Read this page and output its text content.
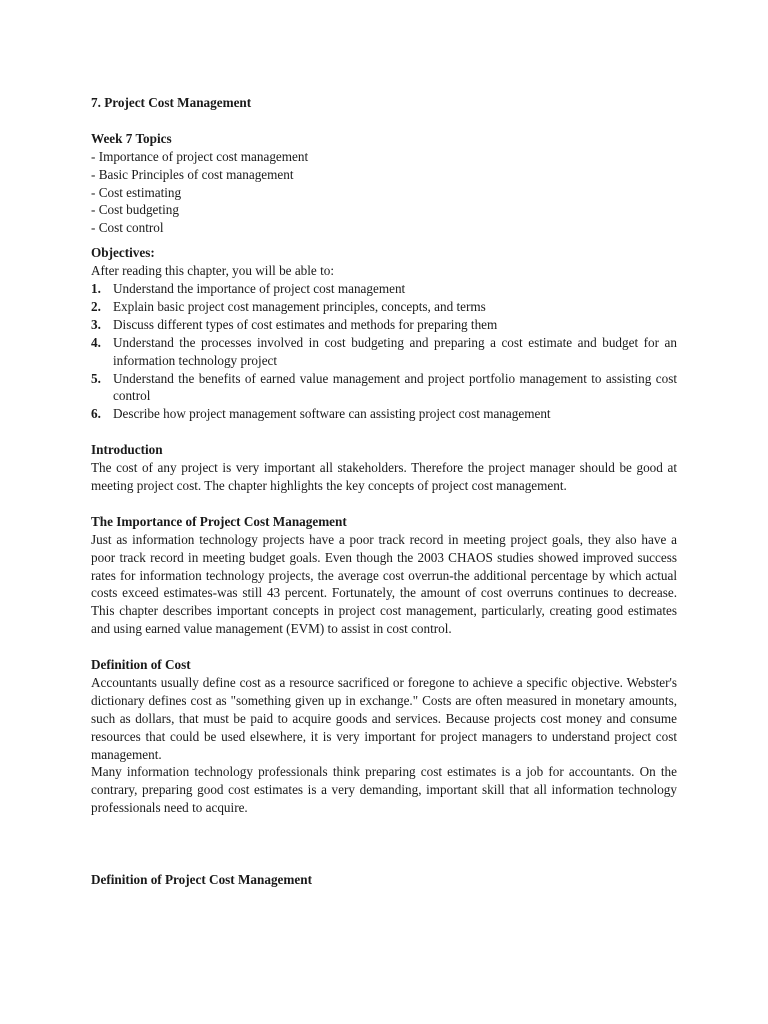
7. Project Cost Management

Week 7 Topics

- Importance of project cost management

- Basic Principles of cost management

- Cost estimating

- Cost budgeting

- Cost control

Objectives:

After reading this chapter, you will be able to:

1. Understand the importance of project cost management
2. Explain basic project cost management principles, concepts, and terms
3. Discuss different types of cost estimates and methods for preparing them
4. Understand the processes involved in cost budgeting and preparing a cost estimate and budget for an information technology project
5. Understand the benefits of earned value management and project portfolio management to assisting cost control
6. Describe how project management software can assisting project cost management

Introduction

The cost of any project is very important all stakeholders. Therefore the project manager should be good at meeting project cost. The chapter highlights the key concepts of project cost management.

The Importance of Project Cost Management

Just as information technology projects have a poor track record in meeting project goals, they also have a poor track record in meeting budget goals. Even though the 2003 CHAOS studies showed improved success rates for information technology projects, the average cost overrun-the additional percentage by which actual costs exceed estimates-was still 43 percent. Fortunately, the amount of cost overruns continues to decrease. This chapter describes important concepts in project cost management, particularly, creating good estimates and using earned value management (EVM) to assist in cost control.

Definition of Cost

Accountants usually define cost as a resource sacrificed or foregone to achieve a specific objective. Webster's dictionary defines cost as "something given up in exchange." Costs are often measured in monetary amounts, such as dollars, that must be paid to acquire goods and services. Because projects cost money and consume resources that could be used elsewhere, it is very important for project managers to understand project cost management.

Many information technology professionals think preparing cost estimates is a job for accountants. On the contrary, preparing good cost estimates is a very demanding, important skill that all information technology professionals need to acquire.

Definition of Project Cost Management
